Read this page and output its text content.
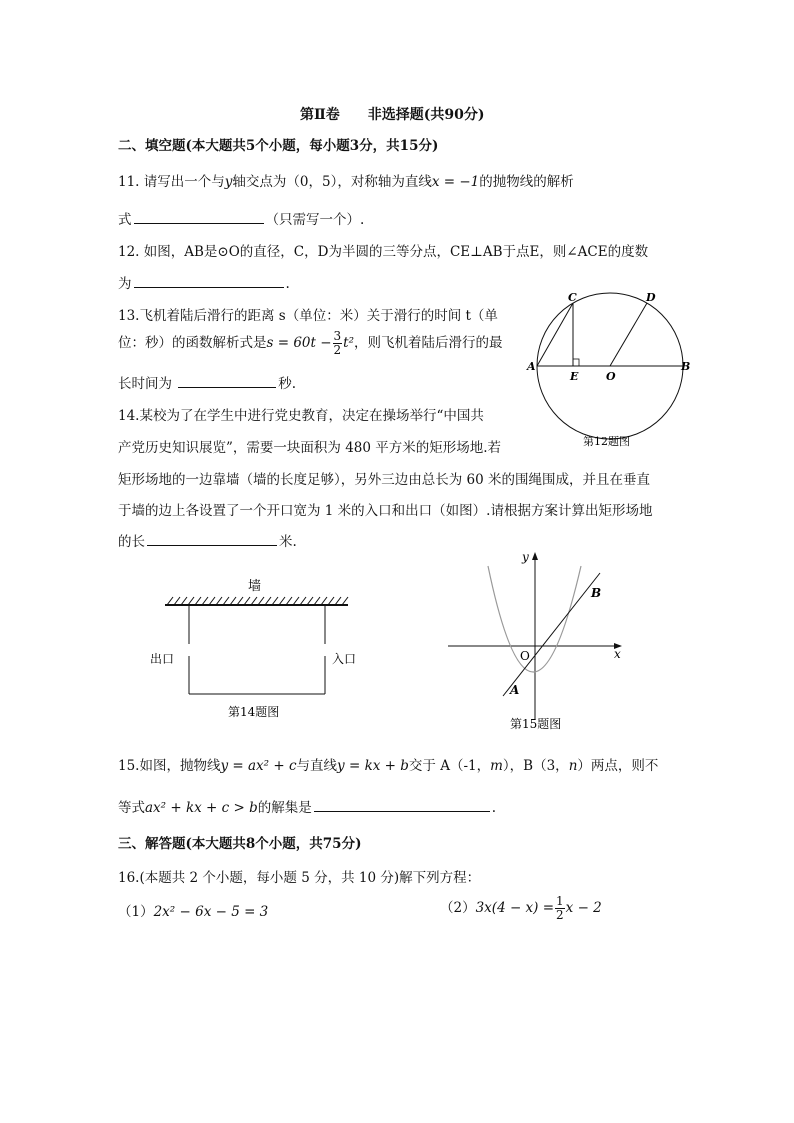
第Ⅱ卷　　非选择题(共90分)
二、填空题(本大题共5个小题，每小题3分，共15分)
11. 请写出一个与y轴交点为（0，5），对称轴为直线x = −1的抛物线的解析
式	（只需写一个）.
12. 如图，AB是⊙O的直径，C，D为半圆的三等分点，CE⊥AB于点E，则∠ACE的度数
为	.
13.飞机着陆后滑行的距离 s（单位：米）关于滑行的时间 t（单
位：秒）的函数解析式是$s = 60t - \frac{3}{2} t^2$，则飞机着陆后滑行的最
长时间为	秒.
14.某校为了在学生中进行党史教育，决定在操场举行“中国共
产党历史知识展览”，需要一块面积为 480 平方米的矩形场地.若
矩形场地的一边靠墙（墙的长度足够），另外三边由总长为 60 米的围绳围成，并且在垂直
于墙的边上各设置了一个开口宽为 1 米的入口和出口（如图）.请根据方案计算出矩形场地
的长	米.
C	D
A
E	O
B
第12题图
墙
出口	入口
第14题图
y
x
O
A
B
第15题图
15.如图，抛物线y = ax² + c与直线y = kx + b交于 A（-1，m），B（3，n）两点，则不
等式ax² + kx + c > b的解集是	.
三、解答题(本大题共8个小题，共75分)
16.(本题共 2 个小题，每小题 5 分，共 10 分)解下列方程：
（1）2x² − 6x − 5 = 3	$(2)3x(4 - x) = \frac{1}{2}$ x − 2
